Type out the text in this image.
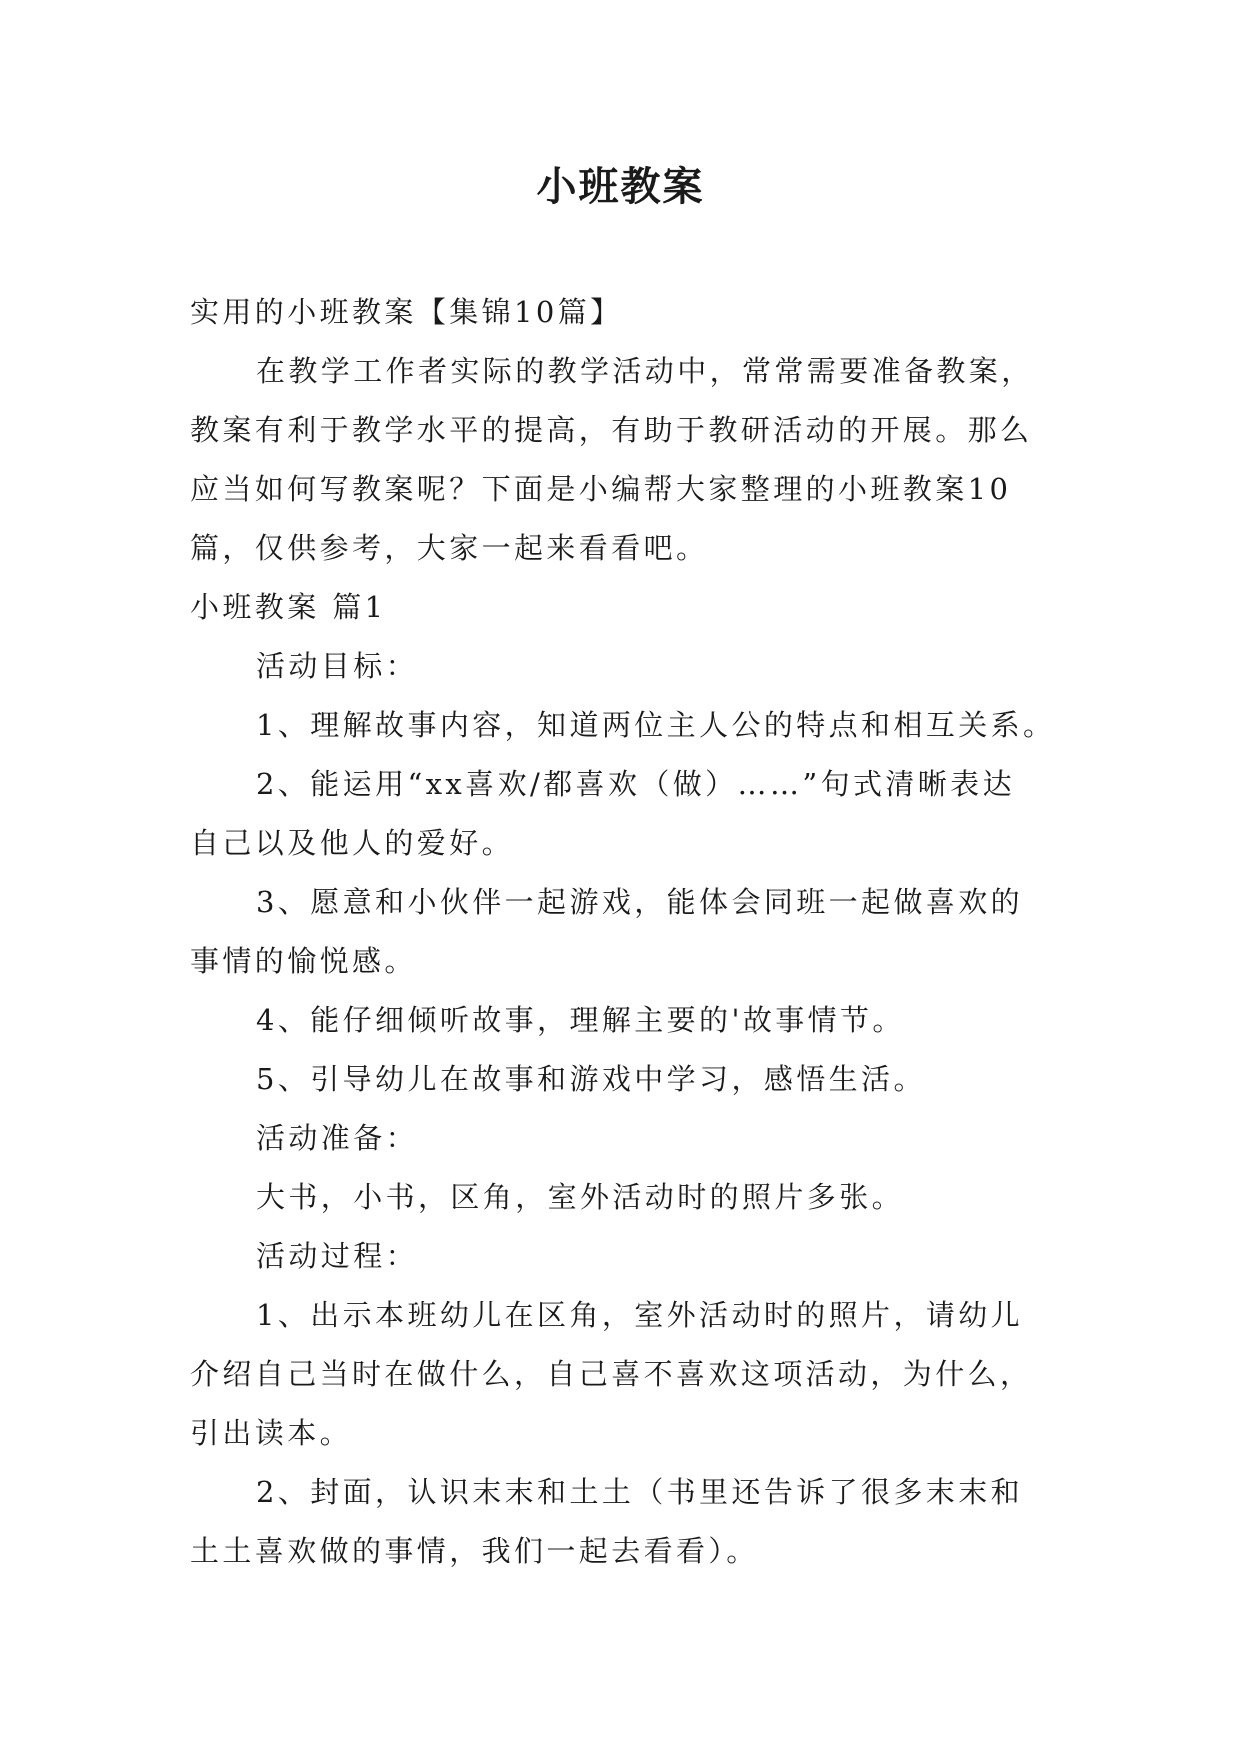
小班教案
实用的小班教案【集锦10篇】
在教学工作者实际的教学活动中，常常需要准备教案，
教案有利于教学水平的提高，有助于教研活动的开展。那么
应当如何写教案呢？下面是小编帮大家整理的小班教案10
篇，仅供参考，大家一起来看看吧。
小班教案 篇1
活动目标：
1、理解故事内容，知道两位主人公的特点和相互关系。
2、能运用“xx喜欢/都喜欢（做）……”句式清晰表达
自己以及他人的爱好。
3、愿意和小伙伴一起游戏，能体会同班一起做喜欢的
事情的愉悦感。
4、能仔细倾听故事，理解主要的'故事情节。
5、引导幼儿在故事和游戏中学习，感悟生活。
活动准备：
大书，小书，区角，室外活动时的照片多张。
活动过程：
1、出示本班幼儿在区角，室外活动时的照片，请幼儿
介绍自己当时在做什么，自己喜不喜欢这项活动，为什么，
引出读本。
2、封面，认识末末和土土（书里还告诉了很多末末和
土土喜欢做的事情，我们一起去看看）。
